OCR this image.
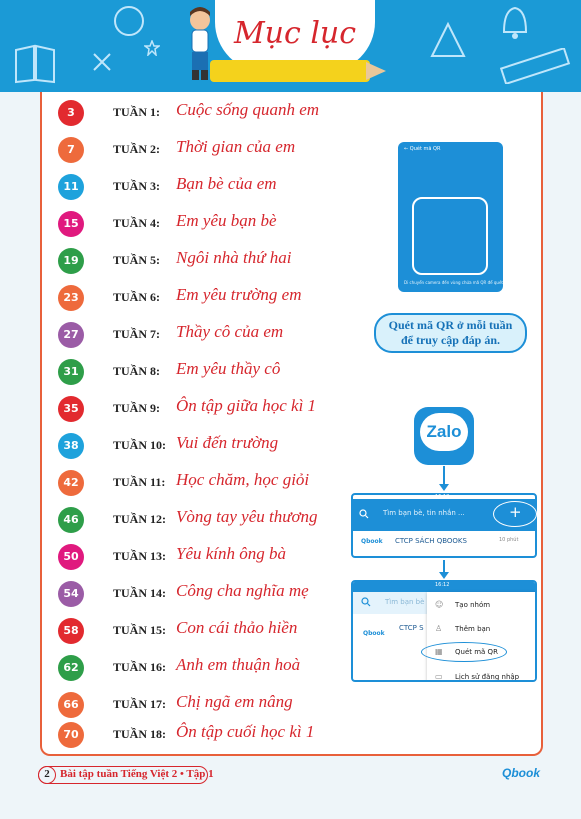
Mục lục
3	TUẦN 1: Cuộc sống quanh em
7	TUẦN 2: Thời gian của em
11	TUẦN 3: Bạn bè của em
15	TUẦN 4: Em yêu bạn bè
19	TUẦN 5: Ngôi nhà thứ hai
23	TUẦN 6: Em yêu trường em
27	TUẦN 7: Thầy cô của em
31	TUẦN 8: Em yêu thầy cô
35	TUẦN 9: Ôn tập giữa học kì 1
38	TUẦN 10: Vui đến trường
42	TUẦN 11: Học chăm, học giỏi
46	TUẦN 12: Vòng tay yêu thương
50	TUẦN 13: Yêu kính ông bà
54	TUẦN 14: Công cha nghĩa mẹ
58	TUẦN 15: Con cái thảo hiền
62	TUẦN 16: Anh em thuận hoà
66	TUẦN 17: Chị ngã em nâng
70	TUẦN 18: Ôn tập cuối học kì 1
← Quét mã QR
Di chuyển camera đến vùng chứa mã QR để quét
Quét mã QR ở mỗi tuần
để truy cập đáp án.
Zalo
16:12
Tìm bạn bè, tin nhắn ...	+
Qbook CTCP SÁCH QBOOKS	10 phút
16:12
Tìm bạn bè
Qbook
CTCP S
☺ Tạo nhóm
♙ Thêm bạn
▦ Quét mã QR
▭ Lịch sử đăng nhập
2 Bài tập tuần Tiếng Việt 2 • Tập 1	Qbook
